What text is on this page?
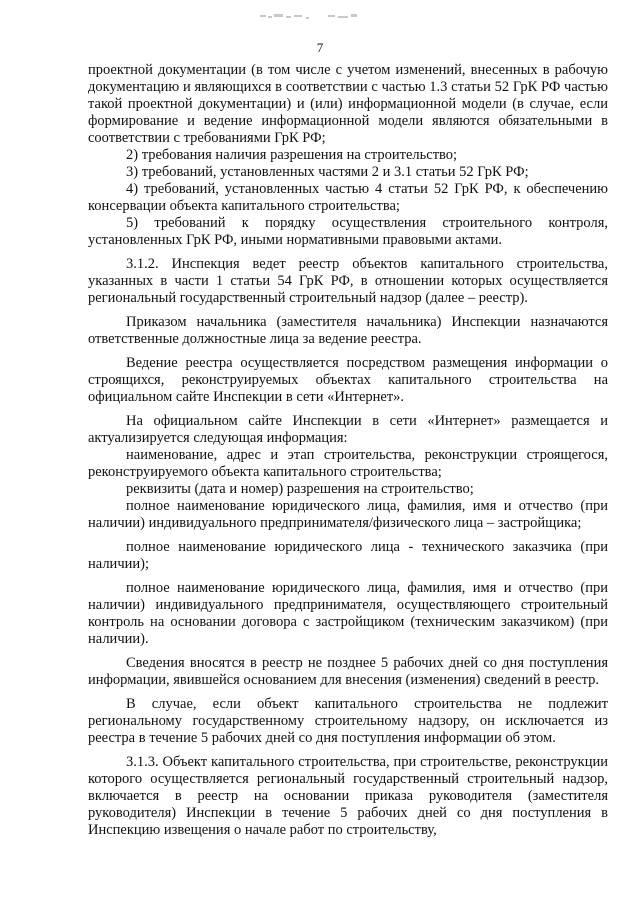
7

проектной документации (в том числе с учетом изменений, внесенных в рабочую документацию и являющихся в соответствии с частью 1.3 статьи 52 ГрК РФ частью такой проектной документации) и (или) информационной модели (в случае, если формирование и ведение информационной модели являются обязательными в соответствии с требованиями ГрК РФ;

2) требования наличия разрешения на строительство;

3) требований, установленных частями 2 и 3.1 статьи 52 ГрК РФ;

4) требований, установленных частью 4 статьи 52 ГрК РФ, к обеспечению консервации объекта капитального строительства;

5) требований к порядку осуществления строительного контроля, установленных ГрК РФ, иными нормативными правовыми актами.

3.1.2. Инспекция ведет реестр объектов капитального строительства, указанных в части 1 статьи 54 ГрК РФ, в отношении которых осуществляется региональный государственный строительный надзор (далее – реестр).

Приказом начальника (заместителя начальника) Инспекции назначаются ответственные должностные лица за ведение реестра.

Ведение реестра осуществляется посредством размещения информации о строящихся, реконструируемых объектах капитального строительства на официальном сайте Инспекции в сети «Интернет».

На официальном сайте Инспекции в сети «Интернет» размещается и актуализируется следующая информация:

наименование, адрес и этап строительства, реконструкции строящегося, реконструируемого объекта капитального строительства;

реквизиты (дата и номер) разрешения на строительство;

полное наименование юридического лица, фамилия, имя и отчество (при наличии) индивидуального предпринимателя/физического лица – застройщика;

полное наименование юридического лица - технического заказчика (при наличии);

полное наименование юридического лица, фамилия, имя и отчество (при наличии) индивидуального предпринимателя, осуществляющего строительный контроль на основании договора с застройщиком (техническим заказчиком) (при наличии).

Сведения вносятся в реестр не позднее 5 рабочих дней со дня поступления информации, явившейся основанием для внесения (изменения) сведений в реестр.

В случае, если объект капитального строительства не подлежит региональному государственному строительному надзору, он исключается из реестра в течение 5 рабочих дней со дня поступления информации об этом.

3.1.3. Объект капитального строительства, при строительстве, реконструкции которого осуществляется региональный государственный строительный надзор, включается в реестр на основании приказа руководителя (заместителя руководителя) Инспекции в течение 5 рабочих дней со дня поступления в Инспекцию извещения о начале работ по строительству,
